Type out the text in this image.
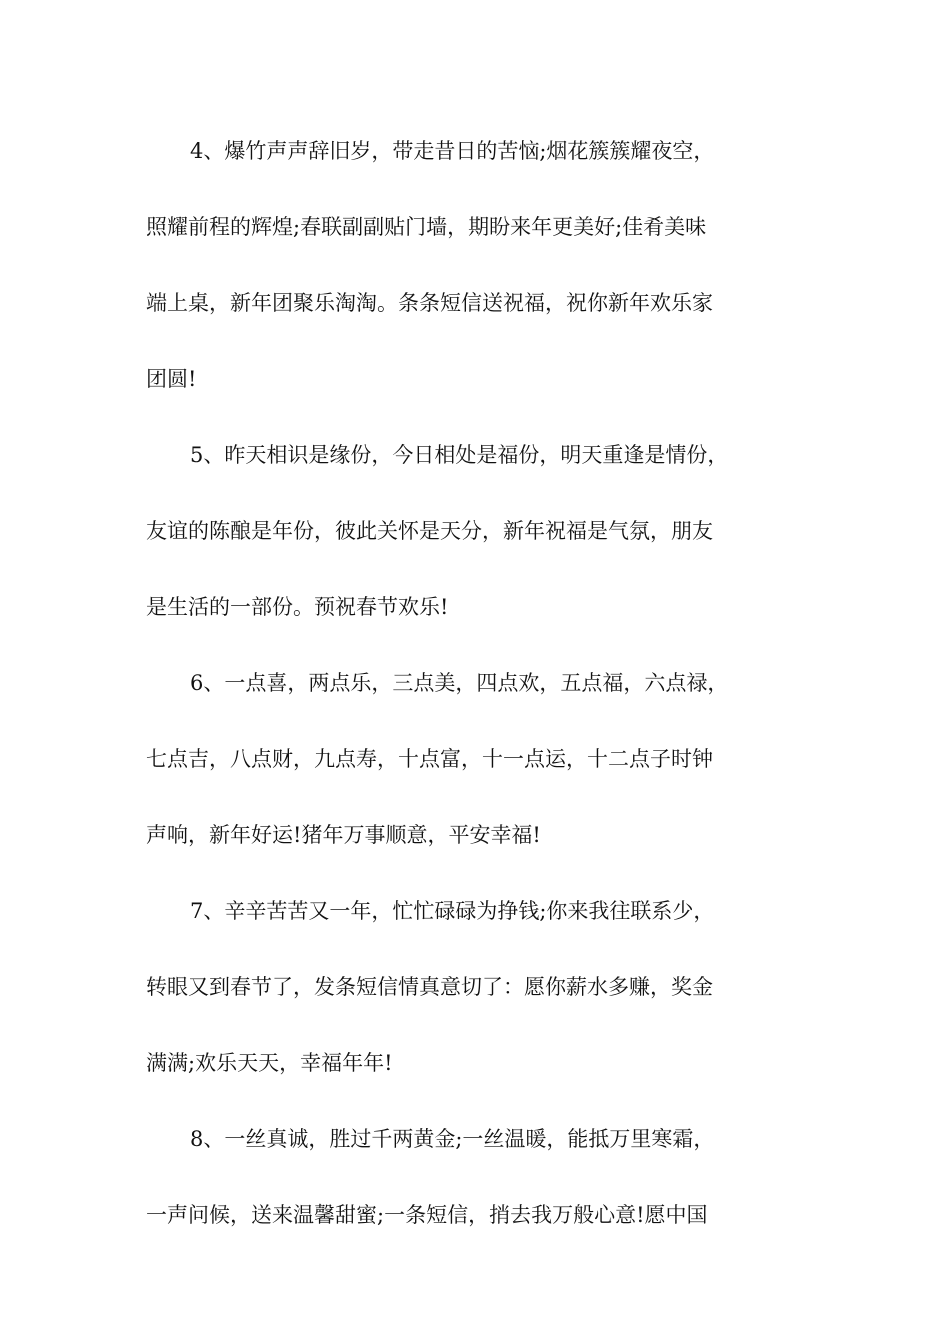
4、爆竹声声辞旧岁，带走昔日的苦恼;烟花簇簇耀夜空，
照耀前程的辉煌;春联副副贴门墙，期盼来年更美好;佳肴美味
端上桌，新年团聚乐淘淘。条条短信送祝福，祝你新年欢乐家
团圆!
5、昨天相识是缘份，今日相处是福份，明天重逢是情份，
友谊的陈酿是年份，彼此关怀是天分，新年祝福是气氛，朋友
是生活的一部份。预祝春节欢乐!
6、一点喜，两点乐，三点美，四点欢，五点福，六点禄，
七点吉，八点财，九点寿，十点富，十一点运，十二点子时钟
声响，新年好运!猪年万事顺意，平安幸福!
7、辛辛苦苦又一年，忙忙碌碌为挣钱;你来我往联系少，
转眼又到春节了，发条短信情真意切了：愿你薪水多赚，奖金
满满;欢乐天天，幸福年年!
8、一丝真诚，胜过千两黄金;一丝温暖，能抵万里寒霜，
一声问候，送来温馨甜蜜;一条短信，捎去我万般心意!愿中国
